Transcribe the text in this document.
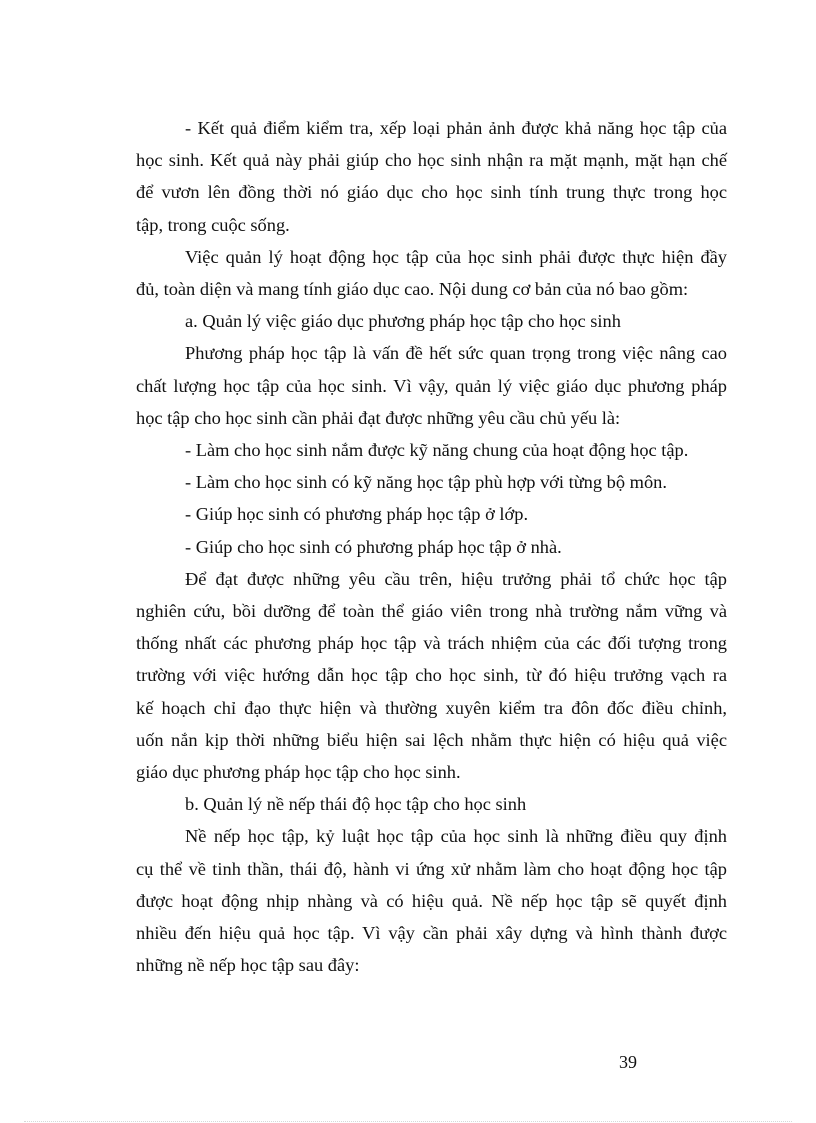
- Kết quả điểm kiểm tra, xếp loại phản ảnh được khả năng học tập của
học sinh. Kết quả này phải giúp cho học sinh nhận ra mặt mạnh, mặt hạn chế
để vươn lên đồng thời nó giáo dục cho học sinh tính trung thực trong học
tập, trong cuộc sống.
Việc quản lý hoạt động học tập của học sinh phải được thực hiện đầy
đủ, toàn diện và mang tính giáo dục cao. Nội dung cơ bản của nó bao gồm:
a. Quản lý việc giáo dục phương pháp học tập cho học sinh
Phương pháp học tập là vấn đề hết sức quan trọng trong việc nâng cao
chất lượng học tập của học sinh. Vì vậy, quản lý việc giáo dục phương pháp
học tập cho học sinh cần phải đạt được những yêu cầu chủ yếu là:
- Làm cho học sinh nắm được kỹ năng chung của hoạt động học tập.
- Làm cho học sinh có kỹ năng học tập phù hợp với từng bộ môn.
- Giúp học sinh có phương pháp học tập ở lớp.
- Giúp cho học sinh có phương pháp học tập ở nhà.
Để đạt được những yêu cầu trên, hiệu trưởng phải tổ chức học tập
nghiên cứu, bồi dưỡng để toàn thể giáo viên trong nhà trường nắm vững và
thống nhất các phương pháp học tập và trách nhiệm của các đối tượng trong
trường với việc hướng dẫn học tập cho học sinh, từ đó hiệu trưởng vạch ra
kế hoạch chỉ đạo thực hiện và thường xuyên kiểm tra đôn đốc điều chỉnh,
uốn nắn kịp thời những biểu hiện sai lệch nhằm thực hiện có hiệu quả việc
giáo dục phương pháp học tập cho học sinh.
b. Quản lý nề nếp thái độ học tập cho học sinh
Nề nếp học tập, kỷ luật học tập của học sinh là những điều quy định
cụ thể về tinh thần, thái độ, hành vi ứng xử nhằm làm cho hoạt động học tập
được hoạt động nhịp nhàng và có hiệu quả. Nề nếp học tập sẽ quyết định
nhiều đến hiệu quả học tập. Vì vậy cần phải xây dựng và hình thành được
những nề nếp học tập sau đây:
39
